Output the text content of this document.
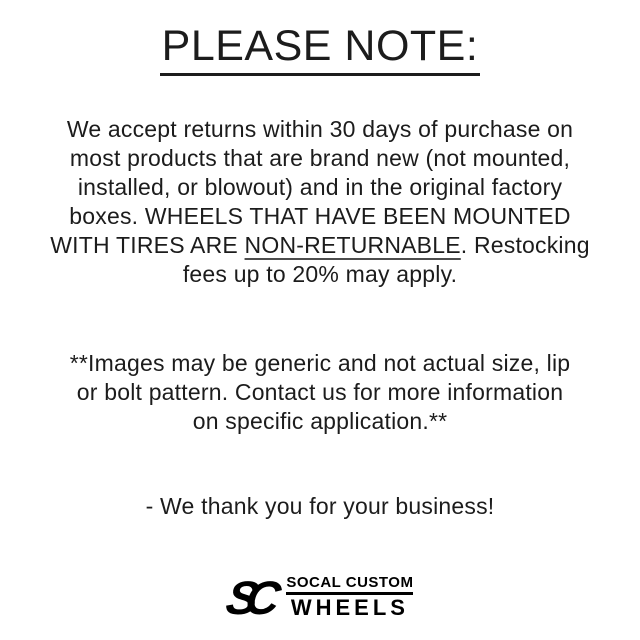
PLEASE NOTE:
We accept returns within 30 days of purchase on
most products that are brand new (not mounted,
installed, or blowout) and in the original factory
boxes. WHEELS THAT HAVE BEEN MOUNTED
WITH TIRES ARE NON-RETURNABLE. Restocking
fees up to 20% may apply.
**Images may be generic and not actual size, lip
or bolt pattern. Contact us for more information
on specific application.**
- We thank you for your business!
SC SOCAL CUSTOM
WHEELS
